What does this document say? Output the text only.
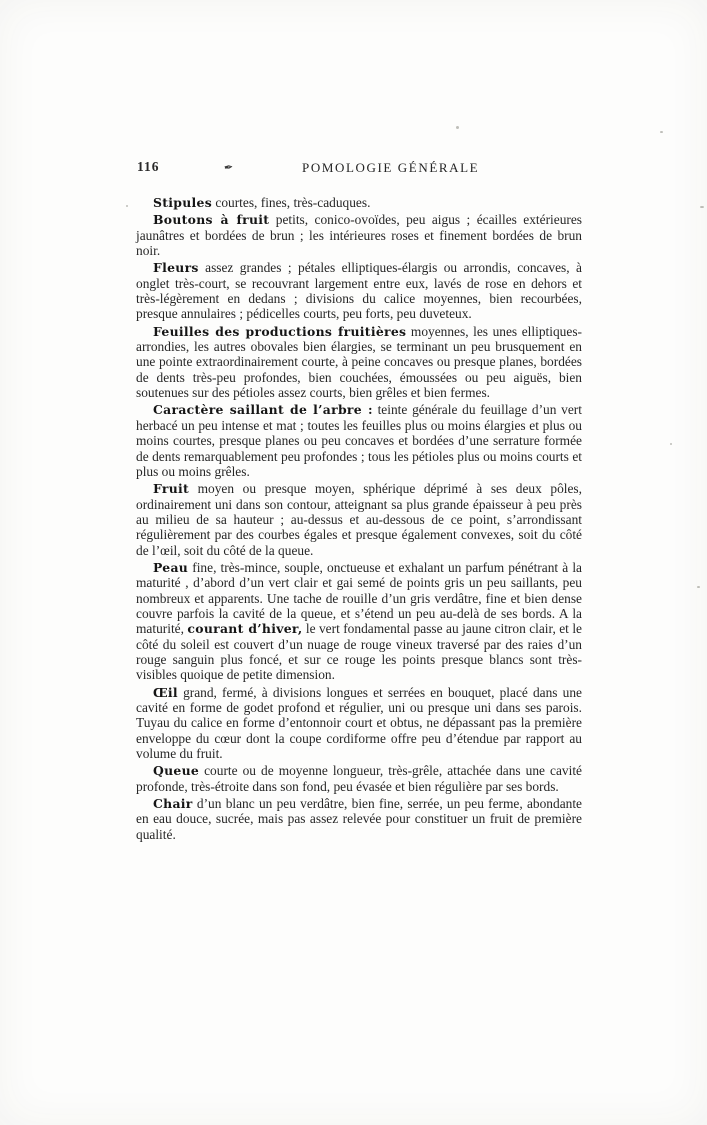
116	✒	POMOLOGIE GÉNÉRALE

Stipules courtes, fines, très-caduques.

Boutons à fruit petits, conico-ovoïdes, peu aigus ; écailles extérieures jaunâtres et bordées de brun ; les intérieures roses et finement bordées de brun noir.

Fleurs assez grandes ; pétales elliptiques-élargis ou arrondis, concaves, à onglet très-court, se recouvrant largement entre eux, lavés de rose en dehors et très-légèrement en dedans ; divisions du calice moyennes, bien recourbées, presque annulaires ; pédicelles courts, peu forts, peu duveteux.

Feuilles des productions fruitières moyennes, les unes elliptiques-arrondies, les autres obovales bien élargies, se terminant un peu brusquement en une pointe extraordinairement courte, à peine concaves ou presque planes, bordées de dents très-peu profondes, bien couchées, émoussées ou peu aiguës, bien soutenues sur des pétioles assez courts, bien grêles et bien fermes.

Caractère saillant de l’arbre : teinte générale du feuillage d’un vert herbacé un peu intense et mat ; toutes les feuilles plus ou moins élargies et plus ou moins courtes, presque planes ou peu concaves et bordées d’une serrature formée de dents remarquablement peu profondes ; tous les pétioles plus ou moins courts et plus ou moins grêles.

Fruit moyen ou presque moyen, sphérique déprimé à ses deux pôles, ordinairement uni dans son contour, atteignant sa plus grande épaisseur à peu près au milieu de sa hauteur ; au-dessus et au-dessous de ce point, s’arrondissant régulièrement par des courbes égales et presque également convexes, soit du côté de l’œil, soit du côté de la queue.

Peau fine, très-mince, souple, onctueuse et exhalant un parfum pénétrant à la maturité , d’abord d’un vert clair et gai semé de points gris un peu saillants, peu nombreux et apparents. Une tache de rouille d’un gris verdâtre, fine et bien dense couvre parfois la cavité de la queue, et s’étend un peu au-delà de ses bords. A la maturité, courant d’hiver, le vert fondamental passe au jaune citron clair, et le côté du soleil est couvert d’un nuage de rouge vineux traversé par des raies d’un rouge sanguin plus foncé, et sur ce rouge les points presque blancs sont très-visibles quoique de petite dimension.

Œil grand, fermé, à divisions longues et serrées en bouquet, placé dans une cavité en forme de godet profond et régulier, uni ou presque uni dans ses parois. Tuyau du calice en forme d’entonnoir court et obtus, ne dépassant pas la première enveloppe du cœur dont la coupe cordiforme offre peu d’étendue par rapport au volume du fruit.

Queue courte ou de moyenne longueur, très-grêle, attachée dans une cavité profonde, très-étroite dans son fond, peu évasée et bien régulière par ses bords.

Chair d’un blanc un peu verdâtre, bien fine, serrée, un peu ferme, abondante en eau douce, sucrée, mais pas assez relevée pour constituer un fruit de première qualité.
